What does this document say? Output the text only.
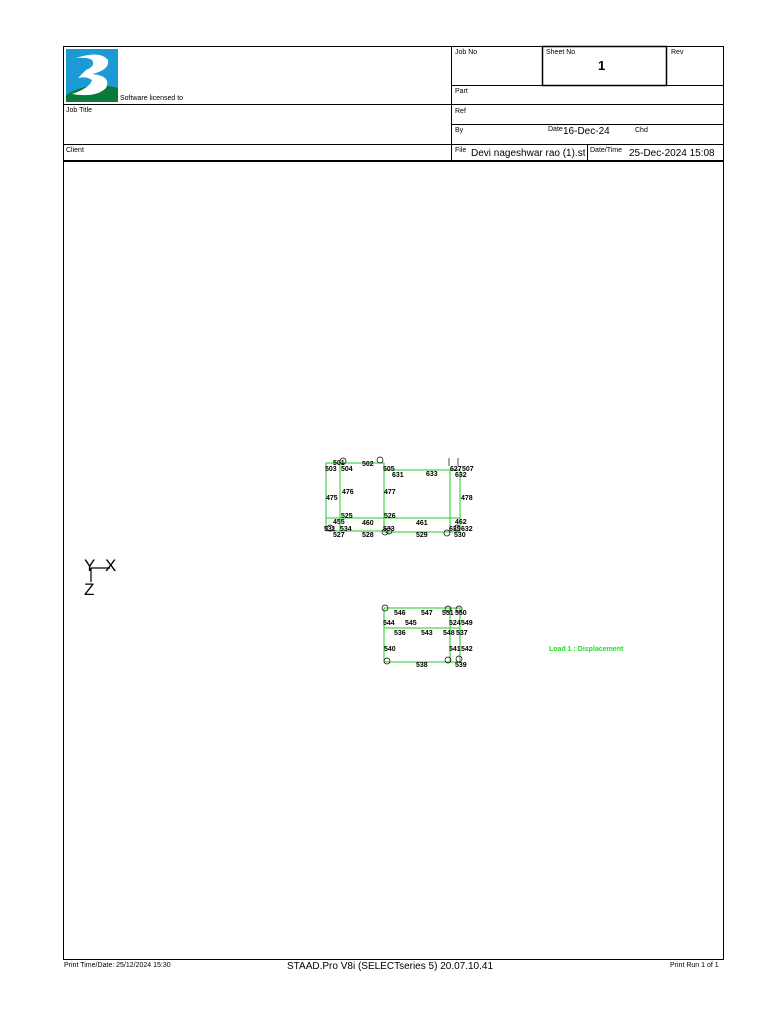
Software licensed to
Job Title
Client
Job No	Sheet No
1
Rev
Part
Ref
By	Date 16-Dec-24	Chd
File Devi nageshwar rao (1).st Date/Time 25-Dec-2024 15:08
Y X
Z
Load 1 : Displacement
501
503 504
502
505
631	633 632
507
627
476
475
477
478
525	526
455 460	461	462
531 534	533
527 528	529	530
635 632
546 547 551 550
544 545	524 549
536 543 548 537
540	541 542
538	539
Print Time/Date: 25/12/2024 15:30	STAAD.Pro V8i (SELECTseries 5) 20.07.10.41	Print Run 1 of 1
